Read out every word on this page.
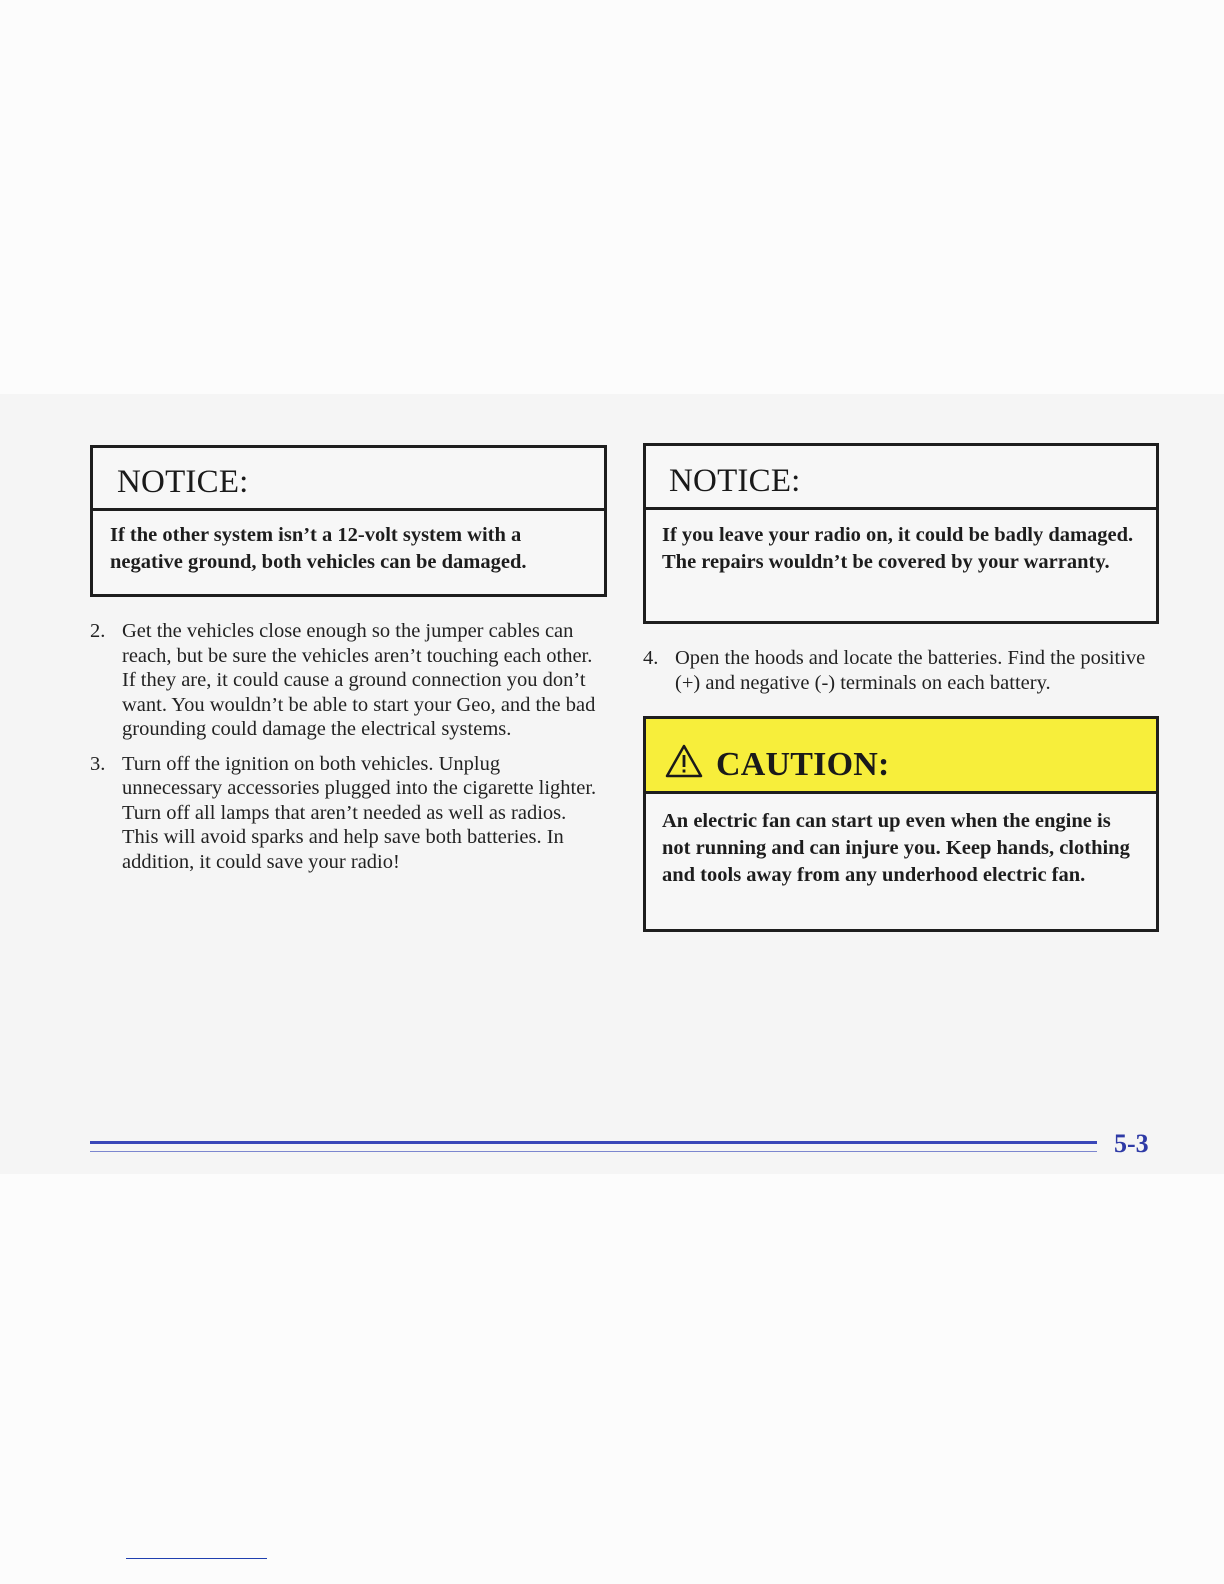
NOTICE:
If the other system isn’t a 12-volt system with a negative ground, both vehicles can be damaged.
2. Get the vehicles close enough so the jumper cables can reach, but be sure the vehicles aren’t touching each other. If they are, it could cause a ground connection you don’t want. You wouldn’t be able to start your Geo, and the bad grounding could damage the electrical systems.
3. Turn off the ignition on both vehicles. Unplug unnecessary accessories plugged into the cigarette lighter. Turn off all lamps that aren’t needed as well as radios. This will avoid sparks and help save both batteries. In addition, it could save your radio!
NOTICE:
If you leave your radio on, it could be badly damaged. The repairs wouldn’t be covered by your warranty.
4. Open the hoods and locate the batteries. Find the positive (+) and negative (-) terminals on each battery.
CAUTION:
An electric fan can start up even when the engine is not running and can injure you. Keep hands, clothing and tools away from any underhood electric fan.
5-3
